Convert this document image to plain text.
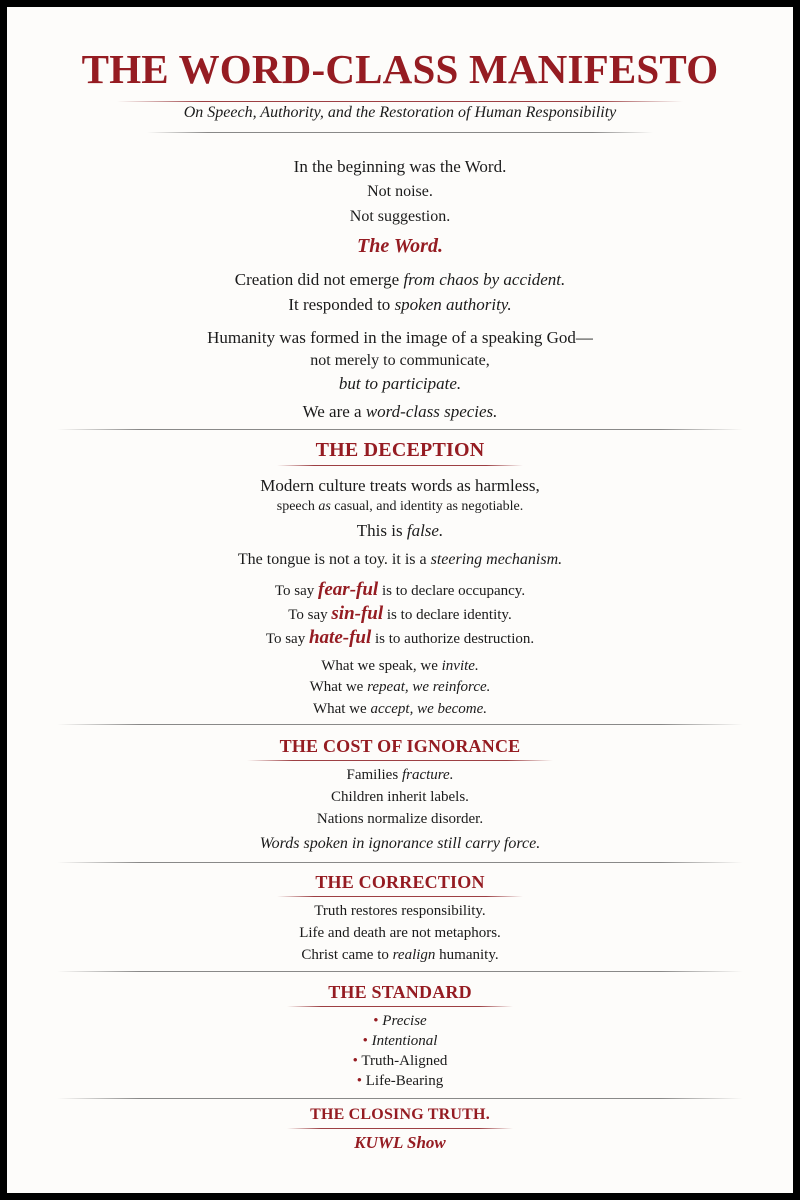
THE WORD-CLASS MANIFESTO
On Speech, Authority, and the Restoration of Human Responsibility
In the beginning was the Word.
Not noise.
Not suggestion.
The Word.
Creation did not emerge from chaos by accident.
It responded to spoken authority.
Humanity was formed in the image of a speaking God—
not merely to communicate,
but to participate.
We are a word-class species.
THE DECEPTION
Modern culture treats words as harmless,
speech as casual, and identity as negotiable.
This is false.
The tongue is not a toy. it is a steering mechanism.
To say fear-ful is to declare occupancy.
To say sin-ful is to declare identity.
To say hate-ful is to authorize destruction.
What we speak, we invite.
What we repeat, we reinforce.
What we accept, we become.
THE COST OF IGNORANCE
Families fracture.
Children inherit labels.
Nations normalize disorder.
Words spoken in ignorance still carry force.
THE CORRECTION
Truth restores responsibility.
Life and death are not metaphors.
Christ came to realign humanity.
THE STANDARD
• Precise
• Intentional
• Truth-Aligned
• Life-Bearing
THE CLOSING TRUTH.
KUWL Show
